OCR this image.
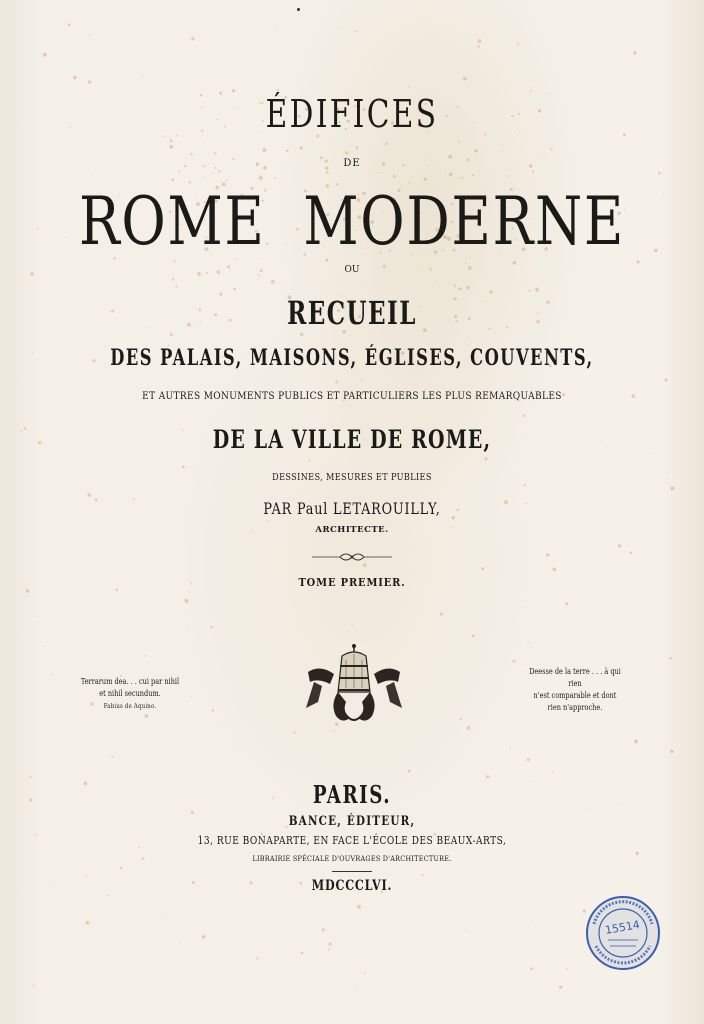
ÉDIFICES
DE
ROME  MODERNE
OU
RECUEIL
DES PALAIS, MAISONS, ÉGLISES, COUVENTS,
ET AUTRES MONUMENTS PUBLICS ET PARTICULIERS LES PLUS REMARQUABLES
DE LA VILLE DE ROME,
DESSINES, MESURES ET PUBLIES
PAR Paul LETAROUILLY,
ARCHITECTE.
TOME PREMIER.
Terrarum dea. . . cui par nihil
et nihil secundum.
Fabius de Aquino.
Deesse de la terre . . . à qui rien
n'est comparable et dont
rien n'approche.
PARIS.
BANCE, ÉDITEUR,
13, RUE BONAPARTE, EN FACE L'ÉCOLE DES BEAUX-ARTS,
LIBRAIRIE SPÉCIALE D'OUVRAGES D'ARCHITECTURE.
MDCCCLVI.
15514
